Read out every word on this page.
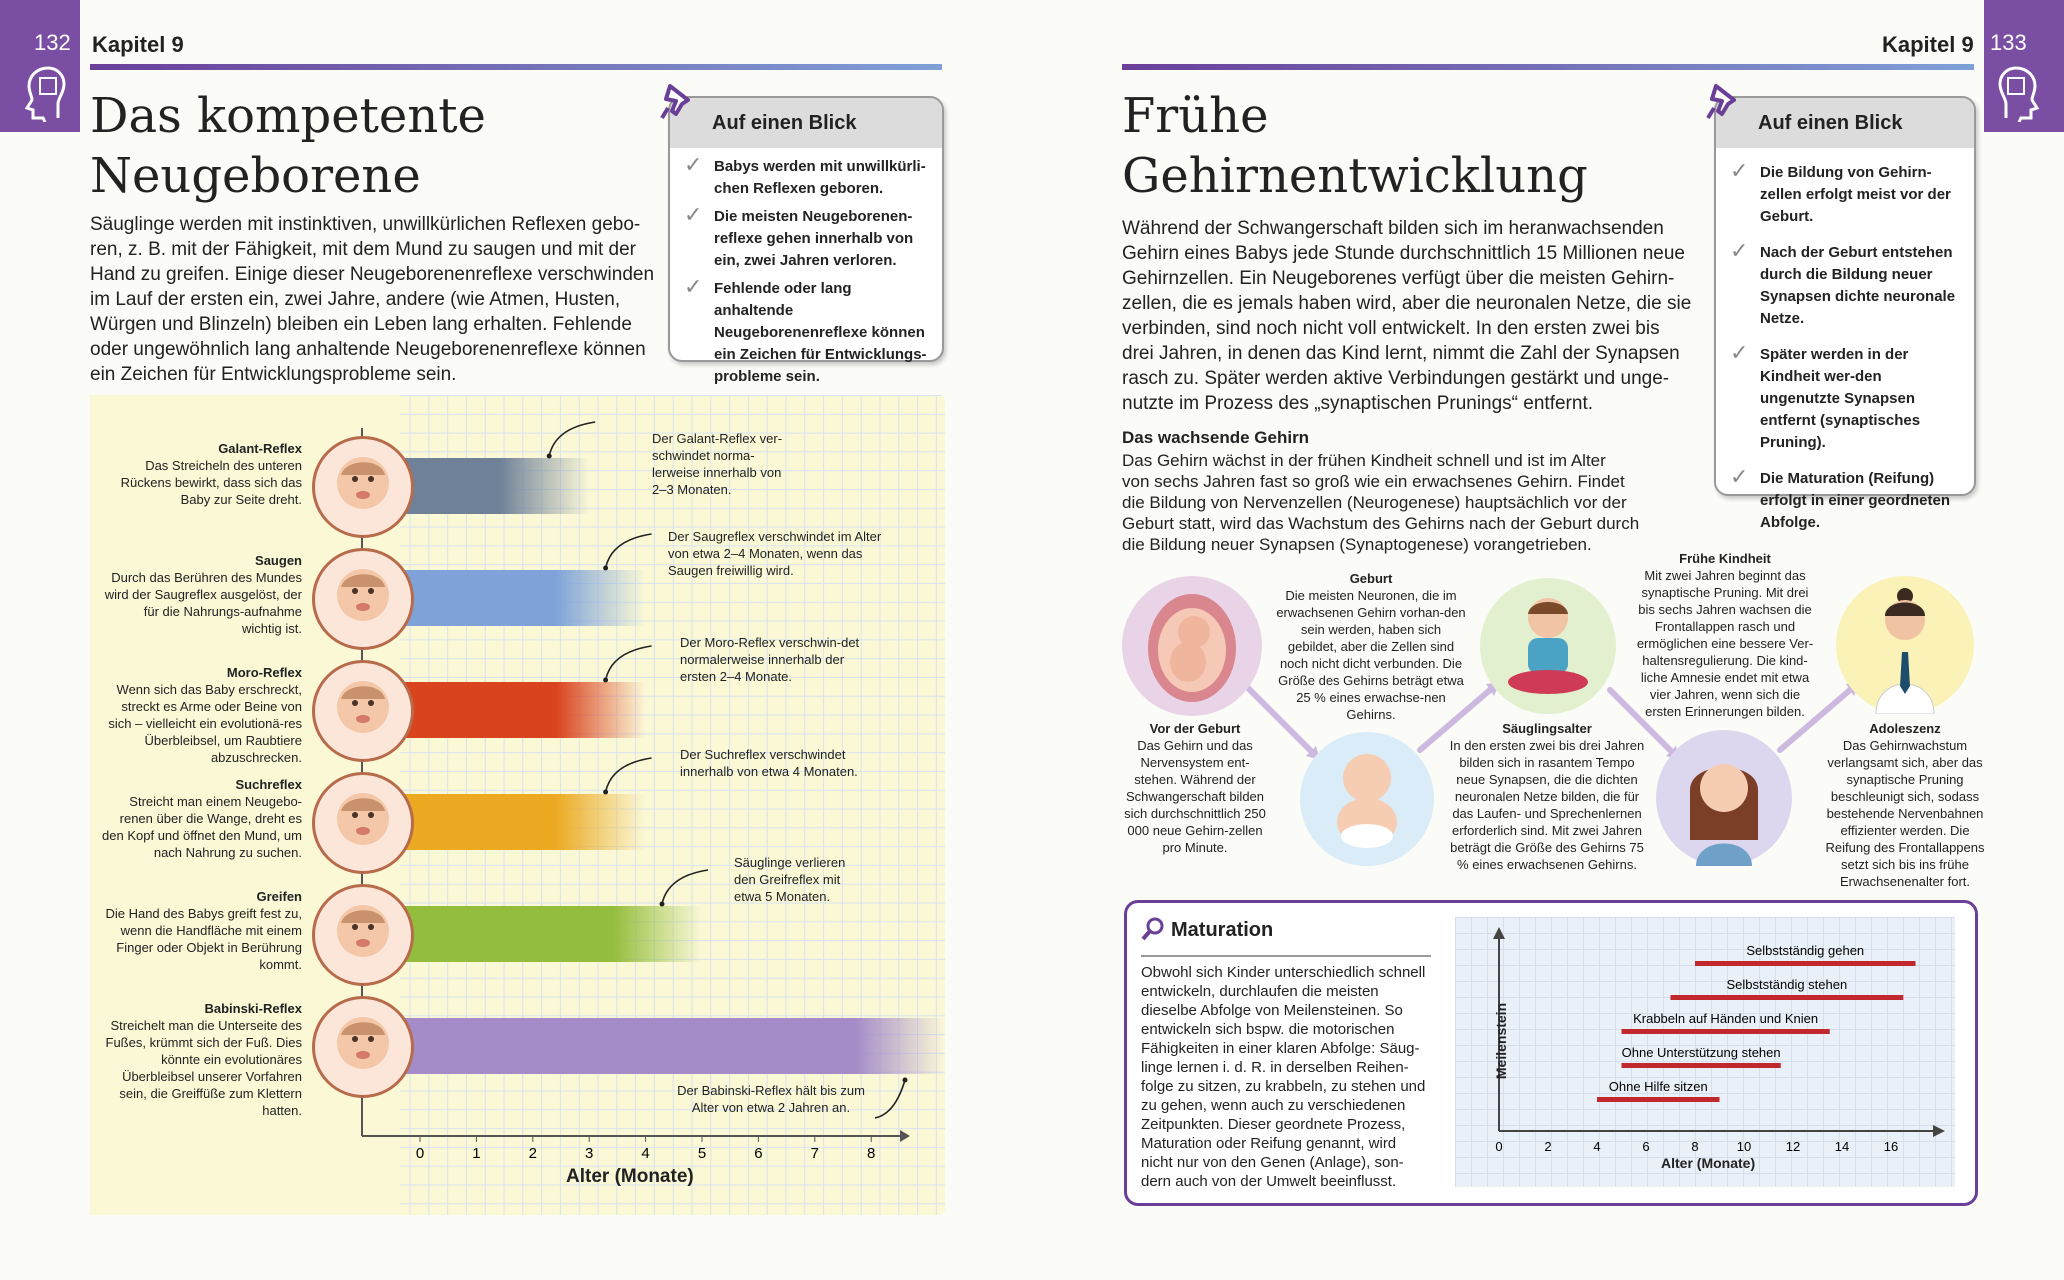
132 Kapitel 9
Das kompetente
Neugeborene
Säuglinge werden mit instinktiven, unwillkürlichen Reflexen gebo-
ren, z. B. mit der Fähigkeit, mit dem Mund zu saugen und mit der
Hand zu greifen. Einige dieser Neugeborenenreflexe verschwinden
im Lauf der ersten ein, zwei Jahre, andere (wie Atmen, Husten,
Würgen und Blinzeln) bleiben ein Leben lang erhalten. Fehlende
oder ungewöhnlich lang anhaltende Neugeborenenreflexe können
ein Zeichen für Entwicklungsprobleme sein.
Auf einen Blick
✓ Babys werden mit unwillkürli-chen Reflexen geboren.
✓ Die meisten Neugeborenen-reflexe gehen innerhalb von ein, zwei Jahren verloren.
✓ Fehlende oder lang anhaltende Neugeborenenreflexe können ein Zeichen für Entwicklungs-probleme sein.
0	1	2	3	4	5	6	7	8
Alter (Monate)
Galant-Reflex
Das Streicheln des unteren Rückens bewirkt, dass sich das Baby zur Seite dreht.
Saugen
Durch das Berühren des Mundes wird der Saugreflex ausgelöst, der für die Nahrungs-aufnahme wichtig ist.
Moro-Reflex
Wenn sich das Baby erschreckt, streckt es Arme oder Beine von sich – vielleicht ein evolutionä-res Überbleibsel, um Raubtiere abzuschrecken.
Suchreflex
Streicht man einem Neugebo-renen über die Wange, dreht es den Kopf und öffnet den Mund, um nach Nahrung zu suchen.
Greifen
Die Hand des Babys greift fest zu, wenn die Handfläche mit einem Finger oder Objekt in Berührung kommt.
Babinski-Reflex
Streichelt man die Unterseite des Fußes, krümmt sich der Fuß. Dies könnte ein evolutionäres Überbleibsel unserer Vorfahren sein, die Greiffüße zum Klettern hatten.
Der Galant-Reflex ver-schwindet norma-lerweise innerhalb von 2–3 Monaten.
Der Saugreflex verschwindet im Alter von etwa 2–4 Monaten, wenn das Saugen freiwillig wird.
Der Moro-Reflex verschwin-det normalerweise innerhalb der ersten 2–4 Monate.
Der Suchreflex verschwindet innerhalb von etwa 4 Monaten.
Säuglinge verlieren den Greifreflex mit etwa 5 Monaten.
Der Babinski-Reflex hält bis zum Alter von etwa 2 Jahren an.
133
Kapitel 9
Frühe
Gehirnentwicklung
Während der Schwangerschaft bilden sich im heranwachsenden
Gehirn eines Babys jede Stunde durchschnittlich 15 Millionen neue
Gehirnzellen. Ein Neugeborenes verfügt über die meisten Gehirn-
zellen, die es jemals haben wird, aber die neuronalen Netze, die sie
verbinden, sind noch nicht voll entwickelt. In den ersten zwei bis
drei Jahren, in denen das Kind lernt, nimmt die Zahl der Synapsen
rasch zu. Später werden aktive Verbindungen gestärkt und unge-
nutzte im Prozess des „synaptischen Prunings“ entfernt.
Das wachsende Gehirn
Das Gehirn wächst in der frühen Kindheit schnell und ist im Alter
von sechs Jahren fast so groß wie ein erwachsenes Gehirn. Findet
die Bildung von Nervenzellen (Neurogenese) hauptsächlich vor der
Geburt statt, wird das Wachstum des Gehirns nach der Geburt durch
die Bildung neuer Synapsen (Synaptogenese) vorangetrieben.
Auf einen Blick
✓ Die Bildung von Gehirn-zellen erfolgt meist vor der Geburt.
✓ Nach der Geburt entstehen durch die Bildung neuer Synapsen dichte neuronale Netze.
✓ Später werden in der Kindheit wer-den ungenutzte Synapsen entfernt (synaptisches Pruning).
✓ Die Maturation (Reifung) erfolgt in einer geordneten Abfolge.
Vor der Geburt
Das Gehirn und das Nervensystem ent-stehen. Während der Schwangerschaft bilden sich durchschnittlich 250 000 neue Gehirn-zellen pro Minute.
Geburt
Die meisten Neuronen, die im erwachsenen Gehirn vorhan-den sein werden, haben sich gebildet, aber die Zellen sind noch nicht dicht verbunden. Die Größe des Gehirns beträgt etwa 25 % eines erwachse-nen Gehirns.
Säuglingsalter
In den ersten zwei bis drei Jahren bilden sich in rasantem Tempo neue Synapsen, die die dichten neuronalen Netze bilden, die für das Laufen- und Sprechenlernen erforderlich sind. Mit zwei Jahren beträgt die Größe des Gehirns 75 % eines erwachsenen Gehirns.
Frühe Kindheit
Mit zwei Jahren beginnt das synaptische Pruning. Mit drei bis sechs Jahren wachsen die Frontallappen rasch und ermöglichen eine bessere Ver-haltensregulierung. Die kind-liche Amnesie endet mit etwa vier Jahren, wenn sich die ersten Erinnerungen bilden.
Adoleszenz
Das Gehirnwachstum verlangsamt sich, aber das synaptische Pruning beschleunigt sich, sodass bestehende Nervenbahnen effizienter werden. Die Reifung des Frontallappens setzt sich bis ins frühe Erwachsenenalter fort.
Maturation
Obwohl sich Kinder unterschiedlich schnell
entwickeln, durchlaufen die meisten
dieselbe Abfolge von Meilensteinen. So
entwickeln sich bspw. die motorischen
Fähigkeiten in einer klaren Abfolge: Säug-
linge lernen i. d. R. in derselben Reihen-
folge zu sitzen, zu krabbeln, zu stehen und
zu gehen, wenn auch zu verschiedenen
Zeitpunkten. Dieser geordnete Prozess,
Maturation oder Reifung genannt, wird
nicht nur von den Genen (Anlage), son-
dern auch von der Umwelt beeinflusst.
Selbstständig gehen
Selbstständig stehen
Krabbeln auf Händen und Knien
Ohne Unterstützung stehen
Ohne Hilfe sitzen
0	2	4	6	8	10	12	14	16
Alter (Monate)
Meilenstein
